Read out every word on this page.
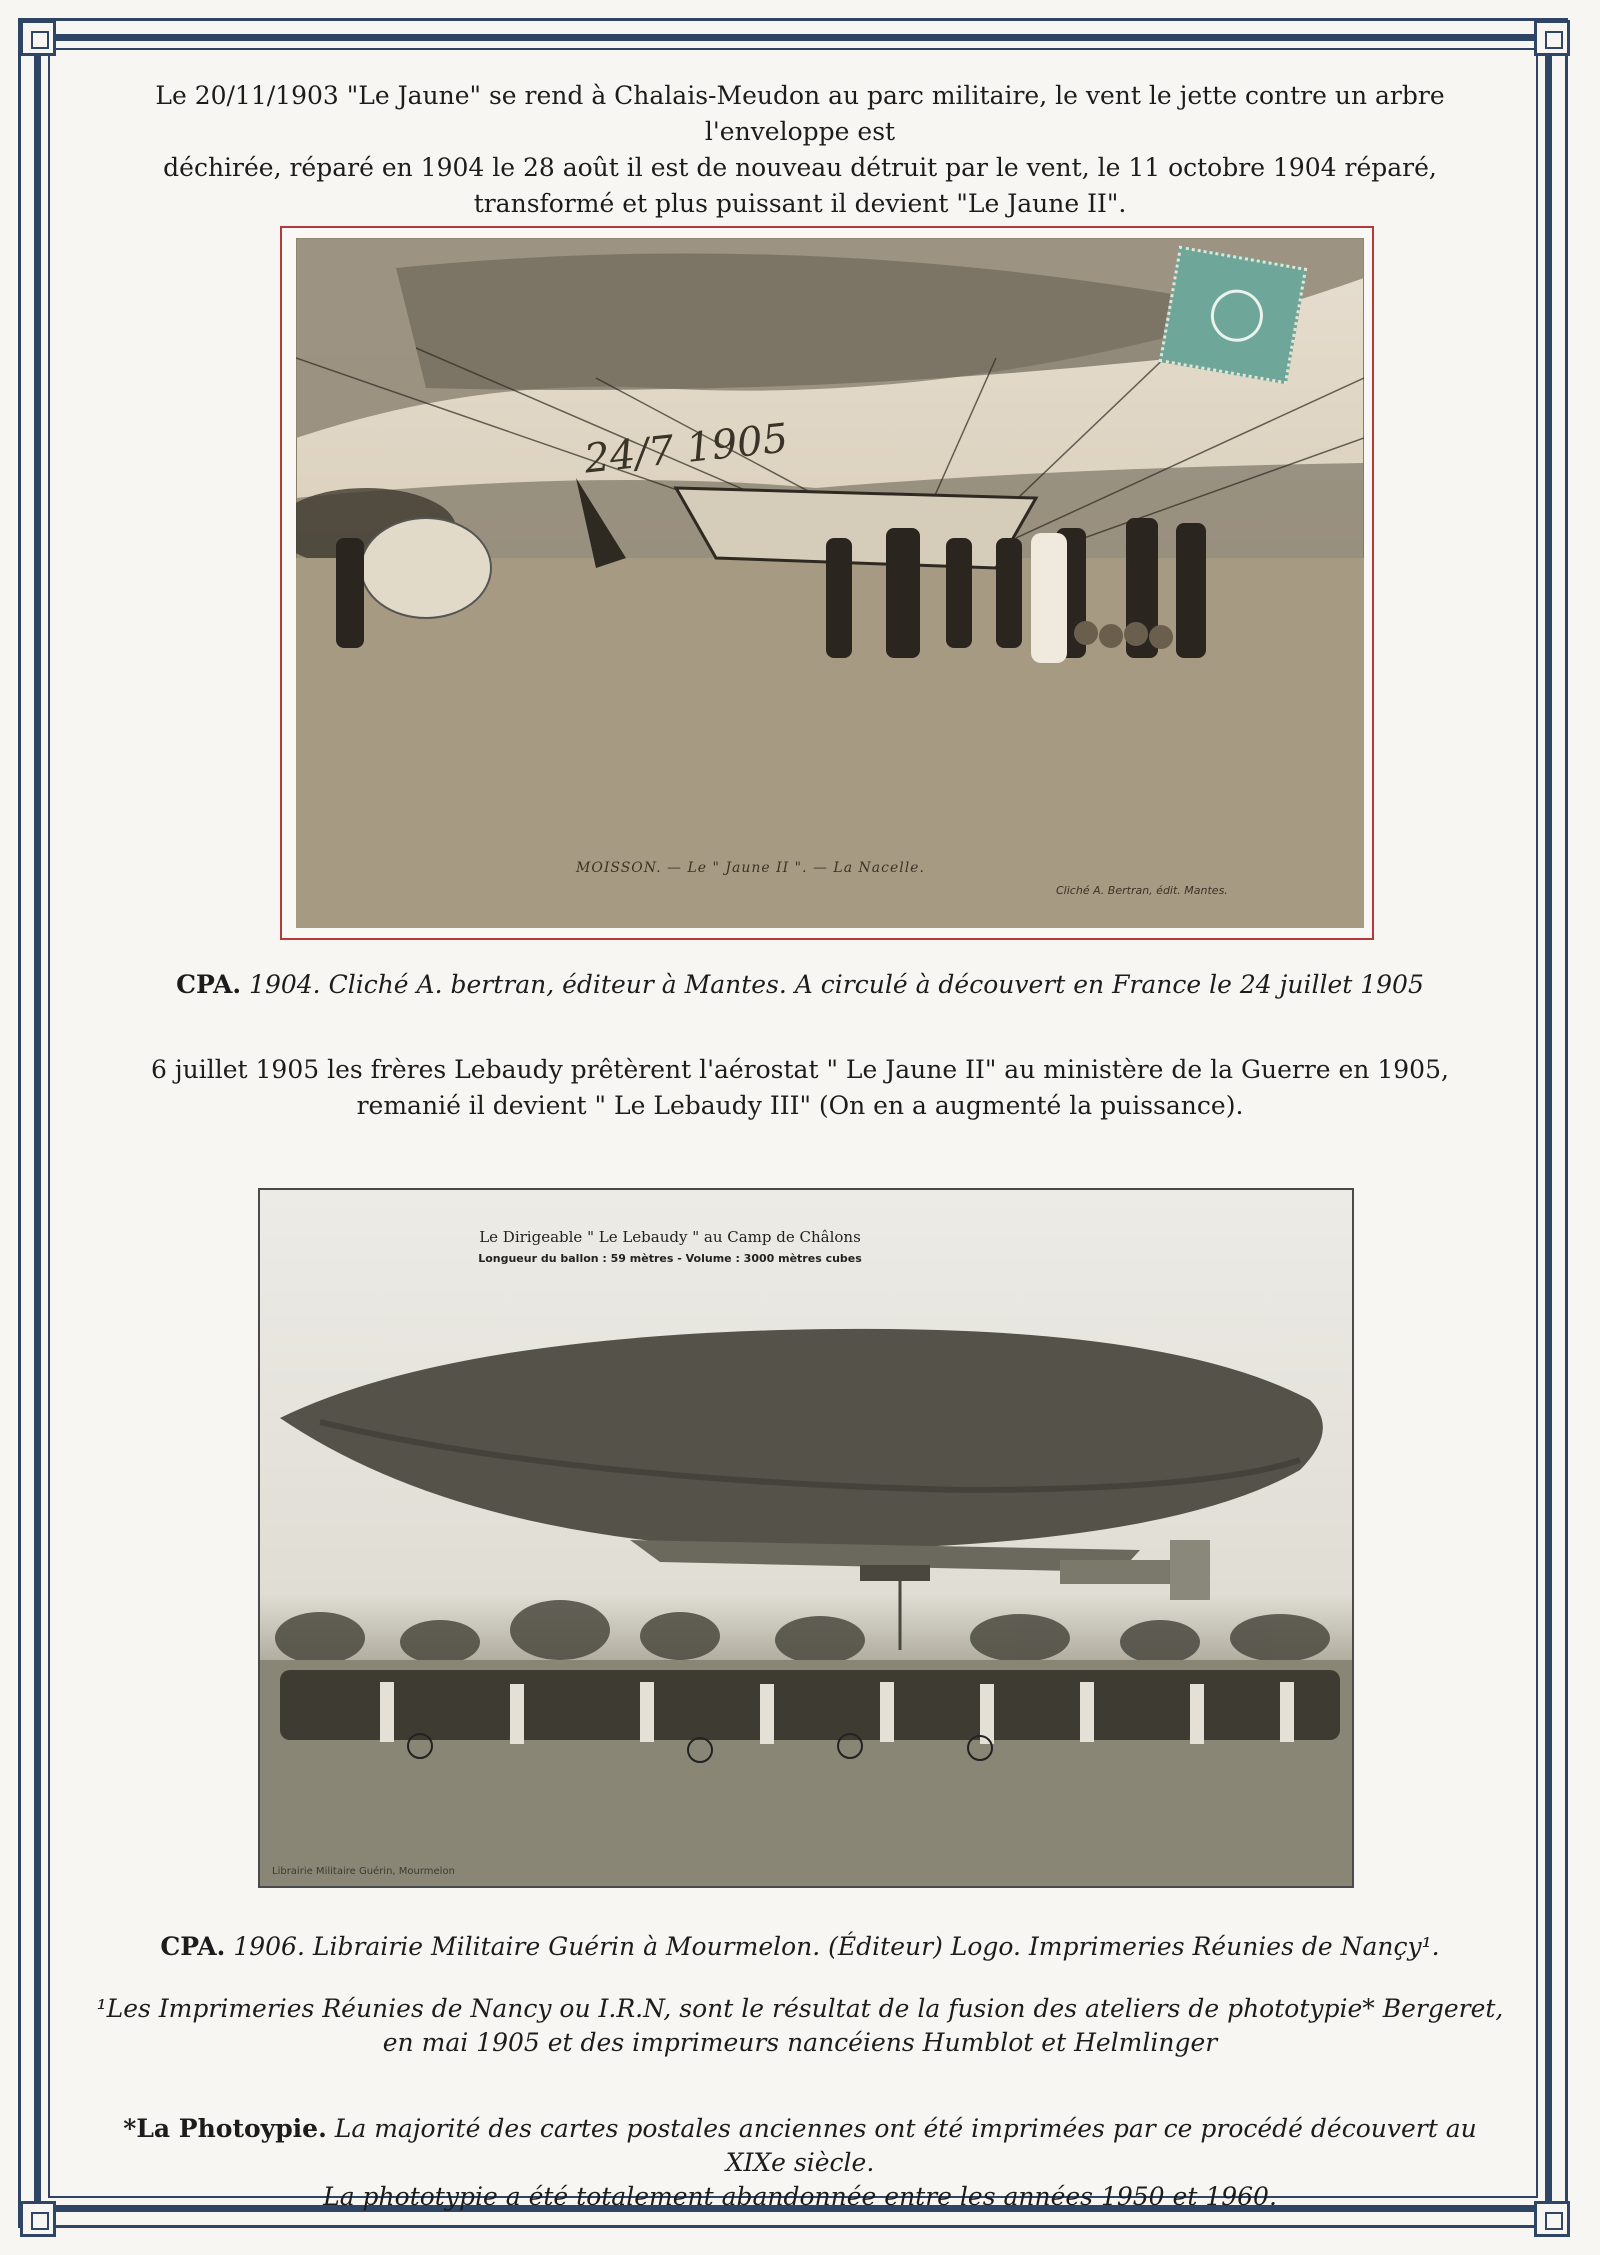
Le 20/11/1903 "Le Jaune" se rend à Chalais-Meudon au parc militaire, le vent le jette contre un arbre l'enveloppe est
déchirée, réparé en 1904 le 28 août il est de nouveau détruit par le vent, le 11 octobre 1904 réparé,
transformé et plus puissant il devient "Le Jaune II".
24/7 1905
MOISSON. — Le " Jaune II ". — La Nacelle.
Cliché A. Bertran, édit. Mantes.
CPA. 1904. Cliché A. bertran, éditeur à Mantes. A circulé à découvert en France le 24 juillet 1905
6 juillet 1905 les frères Lebaudy prêtèrent l'aérostat " Le Jaune II" au ministère de la Guerre en 1905,
remanié il devient " Le Lebaudy III" (On en a augmenté la puissance).
Le Dirigeable " Le Lebaudy " au Camp de Châlons
Longueur du ballon : 59 mètres - Volume : 3000 mètres cubes
Librairie Militaire Guérin, Mourmelon
CPA. 1906. Librairie Militaire Guérin à Mourmelon. (Éditeur) Logo. Imprimeries Réunies de Nançy¹.
¹Les Imprimeries Réunies de Nancy ou I.R.N, sont le résultat de la fusion des ateliers de phototypie* Bergeret,
en mai 1905 et des imprimeurs nancéiens Humblot et Helmlinger
*La Photoypie. La majorité des cartes postales anciennes ont été imprimées par ce procédé découvert au XIXe siècle.
La phototypie a été totalement abandonnée entre les années 1950 et 1960.
